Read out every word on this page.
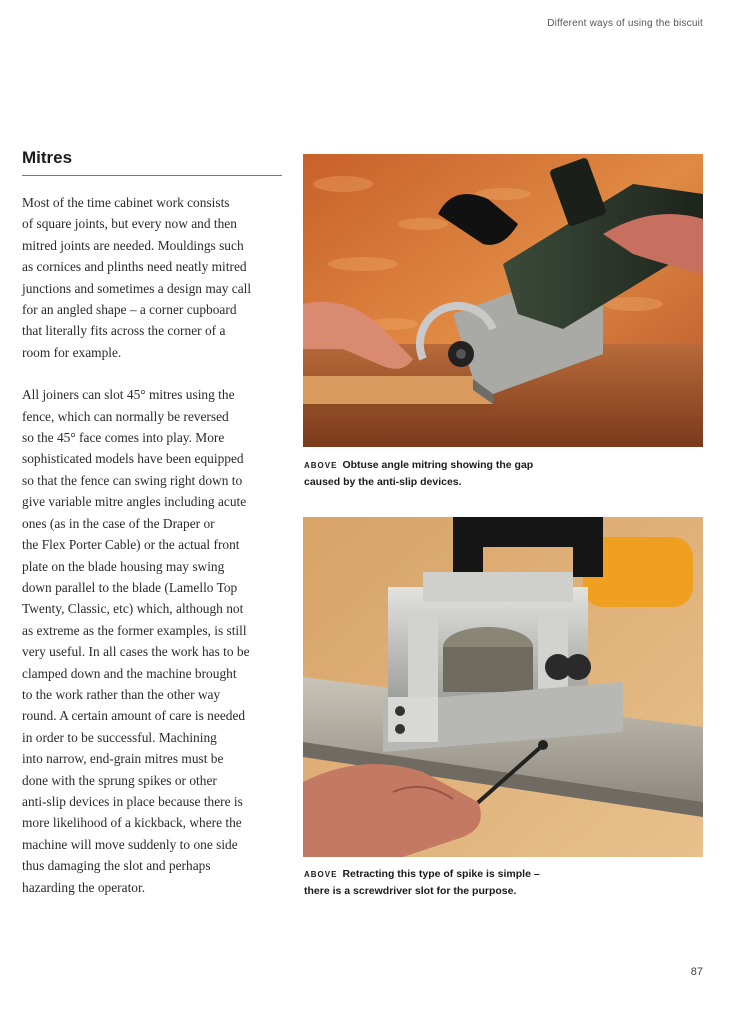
Different ways of using the biscuit
Mitres

Most of the time cabinet work consists
of square joints, but every now and then
mitred joints are needed. Mouldings such
as cornices and plinths need neatly mitred
junctions and sometimes a design may call
for an angled shape – a corner cupboard
that literally fits across the corner of a
room for example.

All joiners can slot 45° mitres using the
fence, which can normally be reversed
so the 45° face comes into play. More
sophisticated models have been equipped
so that the fence can swing right down to
give variable mitre angles including acute
ones (as in the case of the Draper or
the Flex Porter Cable) or the actual front
plate on the blade housing may swing
down parallel to the blade (Lamello Top
Twenty, Classic, etc) which, although not
as extreme as the former examples, is still
very useful. In all cases the work has to be
clamped down and the machine brought
to the work rather than the other way
round. A certain amount of care is needed
in order to be successful. Machining
into narrow, end-grain mitres must be
done with the sprung spikes or other
anti-slip devices in place because there is
more likelihood of a kickback, where the
machine will move suddenly to one side
thus damaging the slot and perhaps
hazarding the operator.

ABOVE Obtuse angle mitring showing the gap
caused by the anti-slip devices.
ABOVE Retracting this type of spike is simple –
there is a screwdriver slot for the purpose.
87
